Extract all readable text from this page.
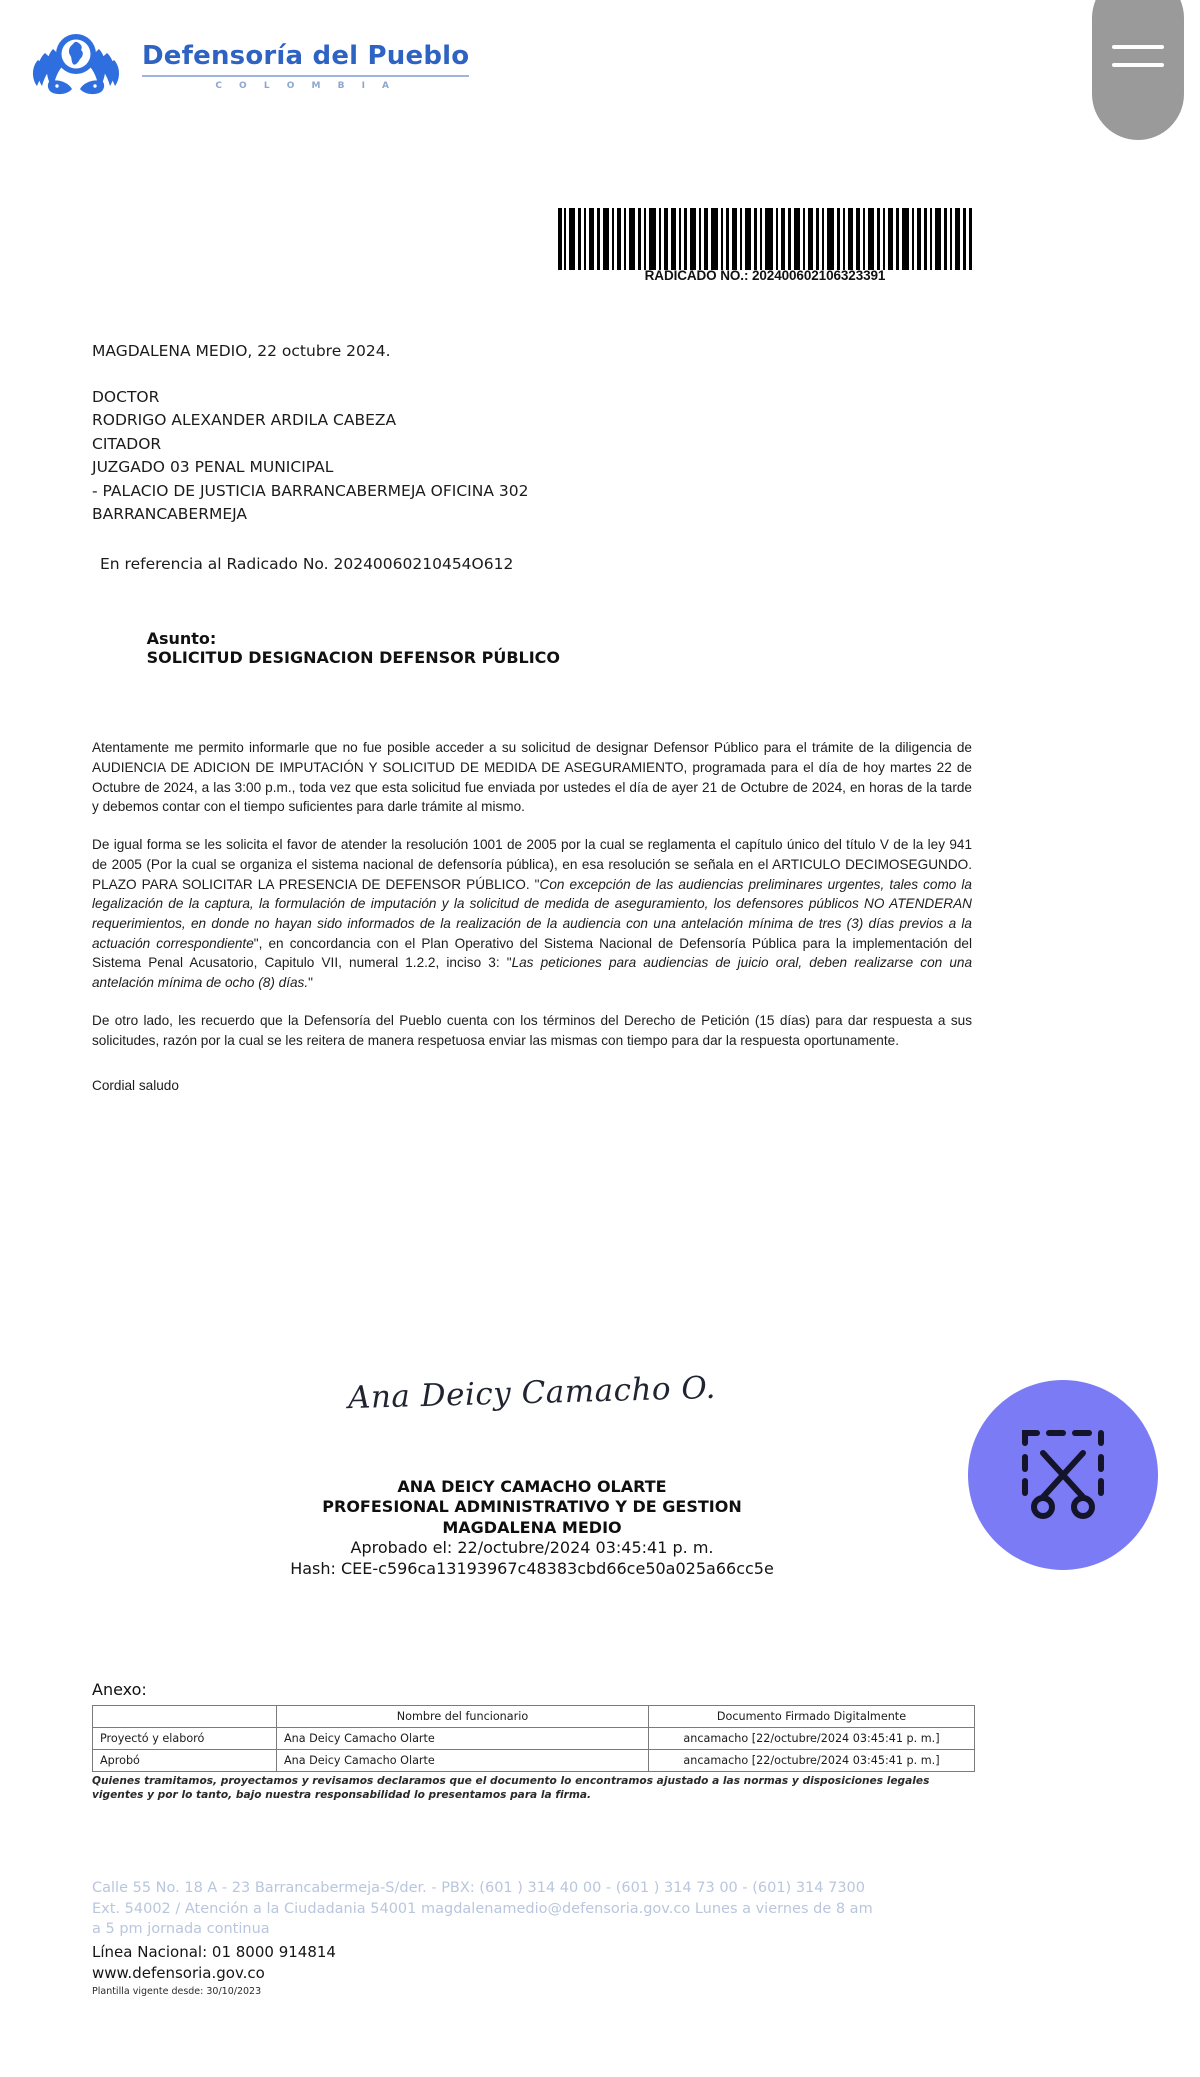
Defensoría del Pueblo
C O L O M B I A
RADICADO NO.: 202400602106323391
MAGDALENA MEDIO, 22 octubre 2024.
DOCTOR
RODRIGO ALEXANDER ARDILA CABEZA
CITADOR
JUZGADO 03 PENAL MUNICIPAL
- PALACIO DE JUSTICIA BARRANCABERMEJA OFICINA 302
BARRANCABERMEJA
En referencia al Radicado No. 20240060210454O612

Asunto:
SOLICITUD DESIGNACION DEFENSOR PÚBLICO

Atentamente me permito informarle que no fue posible acceder a su solicitud de designar Defensor Público para el trámite de la diligencia de AUDIENCIA DE ADICION DE IMPUTACIÓN Y SOLICITUD DE MEDIDA DE ASEGURAMIENTO, programada para el día de hoy martes 22 de Octubre de 2024, a las 3:00 p.m., toda vez que esta solicitud fue enviada por ustedes el día de ayer 21 de Octubre de 2024, en horas de la tarde y debemos contar con el tiempo suficientes para darle trámite al mismo.

De igual forma se les solicita el favor de atender la resolución 1001 de 2005 por la cual se reglamenta el capítulo único del título V de la ley 941 de 2005 (Por la cual se organiza el sistema nacional de defensoría pública), en esa resolución se señala en el ARTICULO DECIMOSEGUNDO. PLAZO PARA SOLICITAR LA PRESENCIA DE DEFENSOR PÚBLICO. "Con excepción de las audiencias preliminares urgentes, tales como la legalización de la captura, la formulación de imputación y la solicitud de medida de aseguramiento, los defensores públicos NO ATENDERAN requerimientos, en donde no hayan sido informados de la realización de la audiencia con una antelación mínima de tres (3) días previos a la actuación correspondiente", en concordancia con el Plan Operativo del Sistema Nacional de Defensoría Pública para la implementación del Sistema Penal Acusatorio, Capitulo VII, numeral 1.2.2, inciso 3: "Las peticiones para audiencias de juicio oral, deben realizarse con una antelación mínima de ocho (8) días."

De otro lado, les recuerdo que la Defensoría del Pueblo cuenta con los términos del Derecho de Petición (15 días) para dar respuesta a sus solicitudes, razón por la cual se les reitera de manera respetuosa enviar las mismas con tiempo para dar la respuesta oportunamente.

Cordial saludo
Ana Deicy Camacho O.
ANA DEICY CAMACHO OLARTE
PROFESIONAL ADMINISTRATIVO Y DE GESTION
MAGDALENA MEDIO
Aprobado el: 22/octubre/2024 03:45:41 p. m.
Hash: CEE-c596ca13193967c48383cbd66ce50a025a66cc5e
Anexo:
	Nombre del funcionario	Documento Firmado Digitalmente
Proyectó y elaboró	Ana Deicy Camacho Olarte	ancamacho [22/octubre/2024 03:45:41 p. m.]
Aprobó	Ana Deicy Camacho Olarte	ancamacho [22/octubre/2024 03:45:41 p. m.]
Quienes tramitamos, proyectamos y revisamos declaramos que el documento lo encontramos ajustado a las normas y disposiciones legales vigentes y por lo tanto, bajo nuestra responsabilidad lo presentamos para la firma.
Calle 55 No. 18 A - 23 Barrancabermeja-S/der. - PBX: (601 ) 314 40 00 - (601 ) 314 73 00 - (601) 314 7300
Ext. 54002 / Atención a la Ciudadania 54001 magdalenamedio@defensoria.gov.co Lunes a viernes de 8 am
a 5 pm jornada continua
Línea Nacional: 01 8000 914814
www.defensoria.gov.co
Plantilla vigente desde: 30/10/2023
